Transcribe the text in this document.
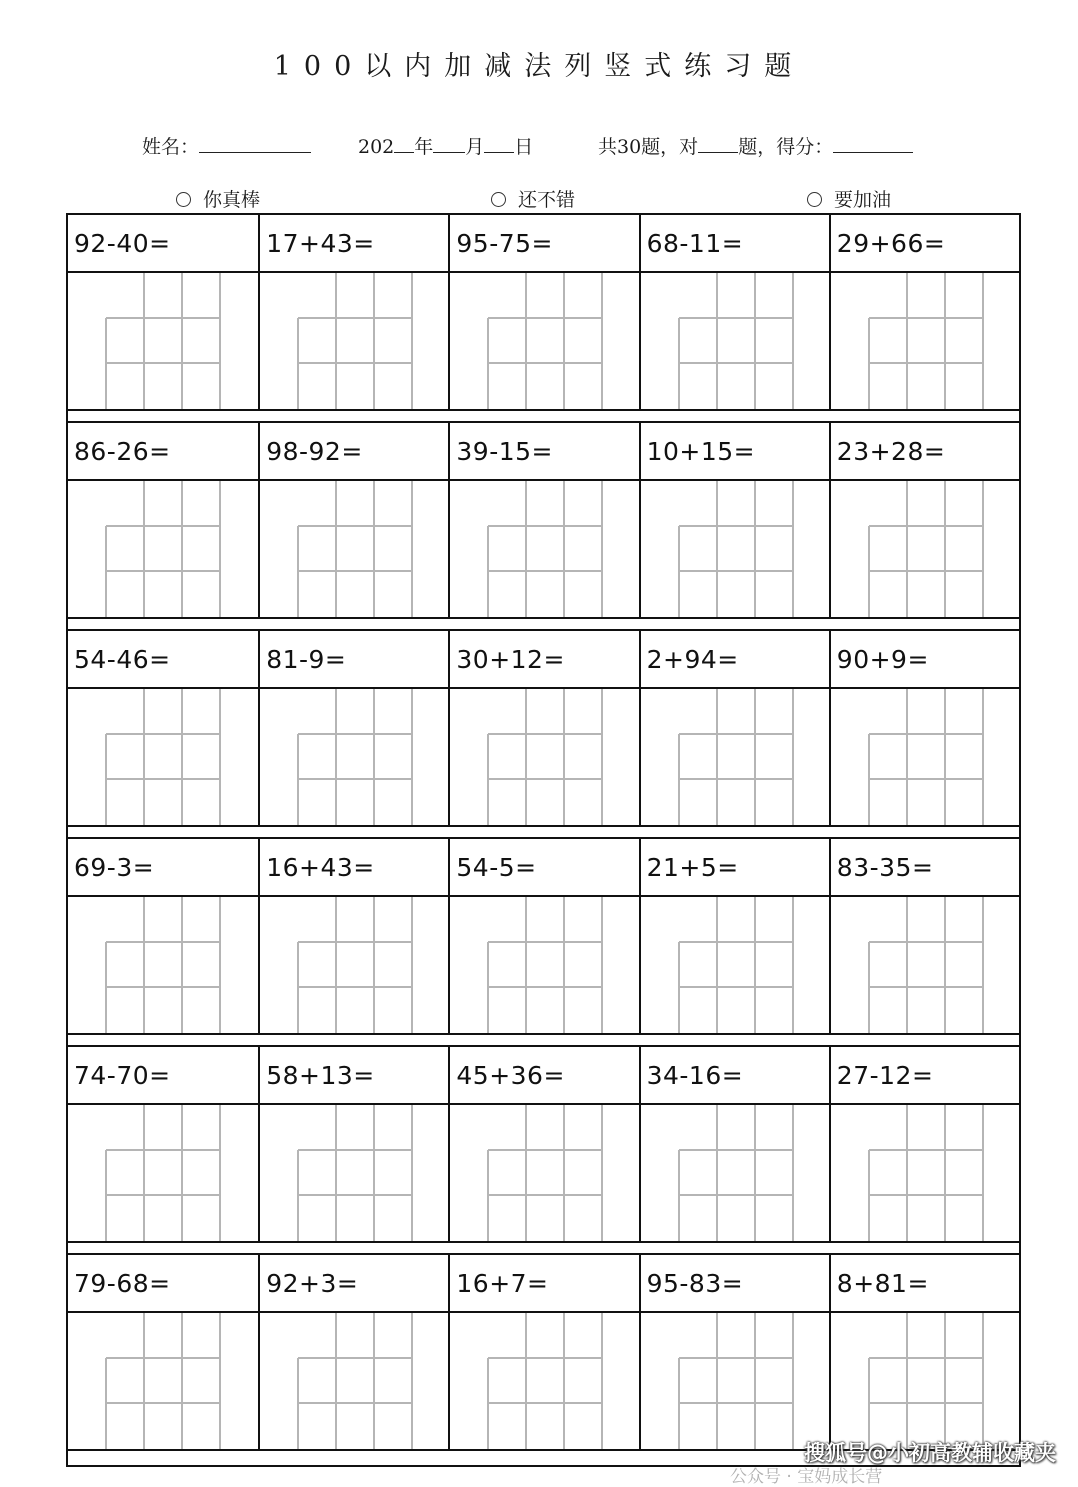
100以内加减法列竖式练习题
姓名：	202 年 月 日	共30题，对 题，得分：
你真棒	还不错	要加油
92-40=	17+43=	95-75=	68-11=	29+66=
86-26=	98-92=	39-15=	10+15=	23+28=
54-46=	81-9=	30+12=	2+94=	90+9=
69-3=	16+43=	54-5=	21+5=	83-35=
74-70=	58+13=	45+36=	34-16=	27-12=
79-68=	92+3=	16+7=	95-83=	8+81=
搜狐号@小初高教辅收藏夹
公众号 · 宝妈成长营
